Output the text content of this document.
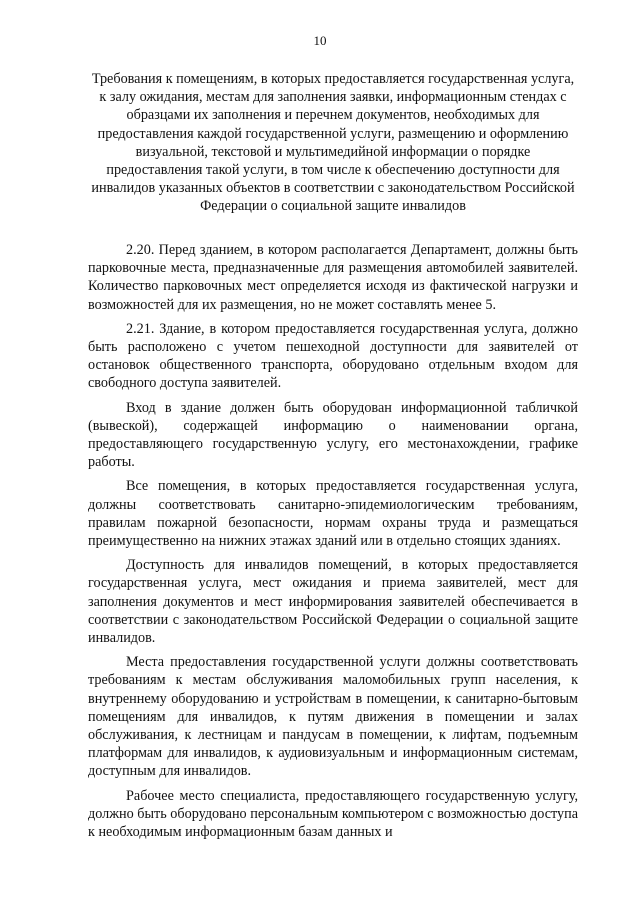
10
Требования к помещениям, в которых предоставляется государственная услуга, к залу ожидания, местам для заполнения заявки, информационным стендах с образцами их заполнения и перечнем документов, необходимых для предоставления каждой государственной услуги, размещению и оформлению визуальной, текстовой и мультимедийной информации о порядке предоставления такой услуги, в том числе к обеспечению доступности для инвалидов указанных объектов в соответствии с законодательством Российской Федерации о социальной защите инвалидов

2.20. Перед зданием, в котором располагается Департамент, должны быть парковочные места, предназначенные для размещения автомобилей заявителей. Количество парковочных мест определяется исходя из фактической нагрузки и возможностей для их размещения, но не может составлять менее 5.

2.21. Здание, в котором предоставляется государственная услуга, должно быть расположено с учетом пешеходной доступности для заявителей от остановок общественного транспорта, оборудовано отдельным входом для свободного доступа заявителей.

Вход в здание должен быть оборудован информационной табличкой (вывеской), содержащей информацию о наименовании органа, предоставляющего государственную услугу, его местонахождении, графике работы.

Все помещения, в которых предоставляется государственная услуга, должны соответствовать санитарно-эпидемиологическим требованиям, правилам пожарной безопасности, нормам охраны труда и размещаться преимущественно на нижних этажах зданий или в отдельно стоящих зданиях.

Доступность для инвалидов помещений, в которых предоставляется государственная услуга, мест ожидания и приема заявителей, мест для заполнения документов и мест информирования заявителей обеспечивается в соответствии с законодательством Российской Федерации о социальной защите инвалидов.

Места предоставления государственной услуги должны соответствовать требованиям к местам обслуживания маломобильных групп населения, к внутреннему оборудованию и устройствам в помещении, к санитарно-бытовым помещениям для инвалидов, к путям движения в помещении и залах обслуживания, к лестницам и пандусам в помещении, к лифтам, подъемным платформам для инвалидов, к аудиовизуальным и информационным системам, доступным для инвалидов.

Рабочее место специалиста, предоставляющего государственную услугу, должно быть оборудовано персональным компьютером с возможностью доступа к необходимым информационным базам данных и
